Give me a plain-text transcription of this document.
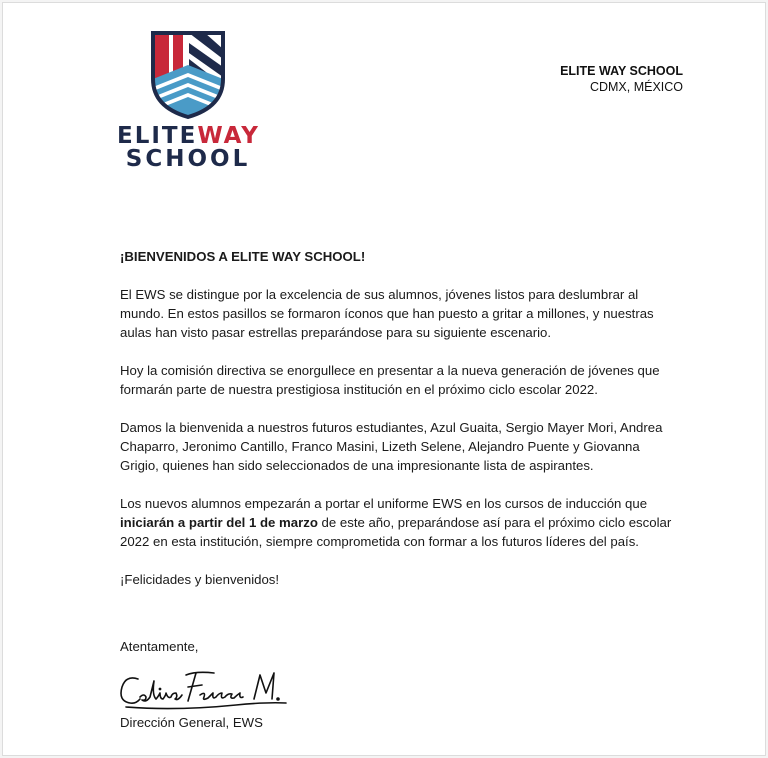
ELITEWAY
SCHOOL
ELITE WAY SCHOOL
CDMX, MÉXICO

¡BIENVENIDOS A ELITE WAY SCHOOL!

El EWS se distingue por la excelencia de sus alumnos, jóvenes listos para deslumbrar al mundo. En estos pasillos se formaron íconos que han puesto a gritar a millones, y nuestras aulas han visto pasar estrellas preparándose para su siguiente escenario.

Hoy la comisión directiva se enorgullece en presentar a la nueva generación de jóvenes que formarán parte de nuestra prestigiosa institución en el próximo ciclo escolar 2022.

Damos la bienvenida a nuestros futuros estudiantes, Azul Guaita, Sergio Mayer Mori, Andrea Chaparro, Jeronimo Cantillo, Franco Masini, Lizeth Selene, Alejandro Puente y Giovanna Grigio, quienes han sido seleccionados de una impresionante lista de aspirantes.

Los nuevos alumnos empezarán a portar el uniforme EWS en los cursos de inducción que iniciarán a partir del 1 de marzo de este año, preparándose así para el próximo ciclo escolar 2022 en esta institución, siempre comprometida con formar a los futuros líderes del país.

¡Felicidades y bienvenidos!

Atentamente,
Dirección General, EWS
